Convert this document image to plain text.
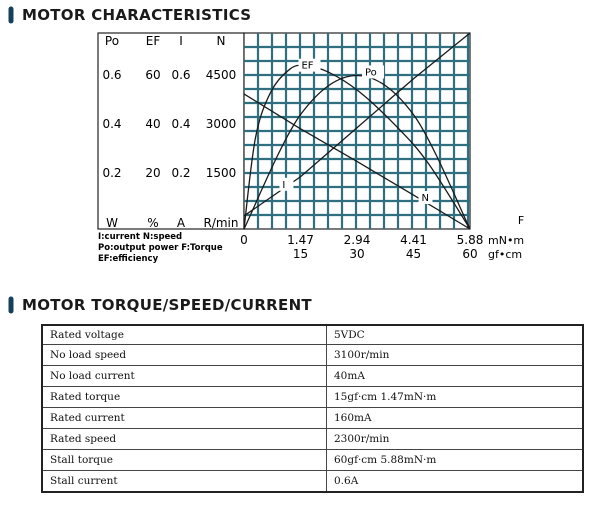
MOTOR CHARACTERISTICS
Po EF I	N
0.6
0.4
0.2
W
60
40
20
%
0.6
0.4
0.2
A
4500
3000
1500
R/min
0	1.47
15
2.94
30
4.41
45
5.88
60
F
mN•m
gf•cm
I:current N:speed
Po:output power F:Torque
EF:efficiency
Po
EF
N
I
MOTOR TORQUE/SPEED/CURRENT
Rated voltage	5VDC
No load speed	3100r/min
No load current	40mA
Rated torque	15gf·cm 1.47mN·m
Rated current	160mA
Rated speed	2300r/min
Stall torque	60gf·cm 5.88mN·m
Stall current	0.6A
